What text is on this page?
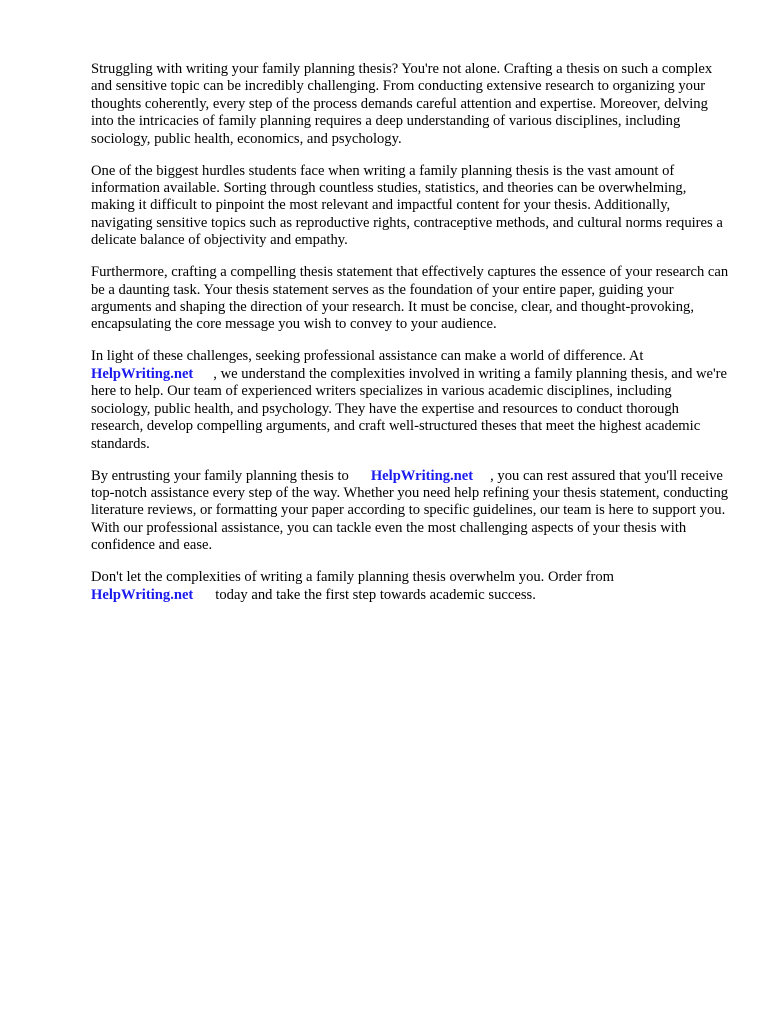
Struggling with writing your family planning thesis? You're not alone. Crafting a thesis on such a complex and sensitive topic can be incredibly challenging. From conducting extensive research to organizing your thoughts coherently, every step of the process demands careful attention and expertise. Moreover, delving into the intricacies of family planning requires a deep understanding of various disciplines, including sociology, public health, economics, and psychology.

One of the biggest hurdles students face when writing a family planning thesis is the vast amount of information available. Sorting through countless studies, statistics, and theories can be overwhelming, making it difficult to pinpoint the most relevant and impactful content for your thesis. Additionally, navigating sensitive topics such as reproductive rights, contraceptive methods, and cultural norms requires a delicate balance of objectivity and empathy.

Furthermore, crafting a compelling thesis statement that effectively captures the essence of your research can be a daunting task. Your thesis statement serves as the foundation of your entire paper, guiding your arguments and shaping the direction of your research. It must be concise, clear, and thought-provoking, encapsulating the core message you wish to convey to your audience.

In light of these challenges, seeking professional assistance can make a world of difference. At
HelpWriting.net , we understand the complexities involved in writing a family planning thesis, and we're here to help. Our team of experienced writers specializes in various academic disciplines, including sociology, public health, and psychology. They have the expertise and resources to conduct thorough research, develop compelling arguments, and craft well-structured theses that meet the highest academic standards.

By entrusting your family planning thesis to HelpWriting.net , you can rest assured that you'll receive top-notch assistance every step of the way. Whether you need help refining your thesis statement, conducting literature reviews, or formatting your paper according to specific guidelines, our team is here to support you. With our professional assistance, you can tackle even the most challenging aspects of your thesis with confidence and ease.

Don't let the complexities of writing a family planning thesis overwhelm you. Order from
HelpWriting.net today and take the first step towards academic success.
